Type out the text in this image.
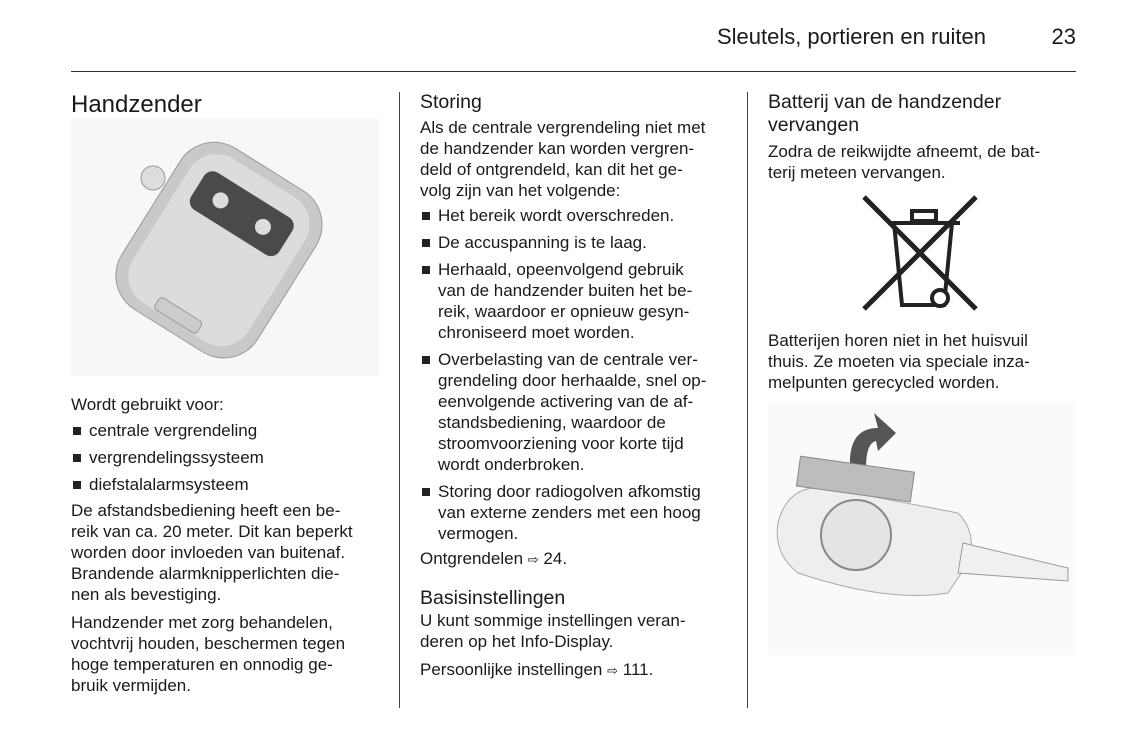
Sleutels, portieren en ruiten	23
Handzender
Wordt gebruikt voor:
centrale vergrendeling
vergrendelingssysteem
diefstalalarmsysteem
De afstandsbediening heeft een be-
reik van ca. 20 meter. Dit kan beperkt
worden door invloeden van buitenaf.
Brandende alarmknipperlichten die-
nen als bevestiging.
Handzender met zorg behandelen,
vochtvrij houden, beschermen tegen
hoge temperaturen en onnodig ge-
bruik vermijden.
Storing
Als de centrale vergrendeling niet met
de handzender kan worden vergren-
deld of ontgrendeld, kan dit het ge-
volg zijn van het volgende:
Het bereik wordt overschreden.
De accuspanning is te laag.
Herhaald, opeenvolgend gebruik
van de handzender buiten het be-
reik, waardoor er opnieuw gesyn-
chroniseerd moet worden.
Overbelasting van de centrale ver-
grendeling door herhaalde, snel op-
eenvolgende activering van de af-
standsbediening, waardoor de
stroomvoorziening voor korte tijd
wordt onderbroken.
Storing door radiogolven afkomstig
van externe zenders met een hoog
vermogen.
Ontgrendelen ⇨ 24.
Basisinstellingen
U kunt sommige instellingen veran-
deren op het Info-Display.
Persoonlijke instellingen ⇨ 111.
Batterij van de handzender
vervangen
Zodra de reikwijdte afneemt, de bat-
terij meteen vervangen.
Batterijen horen niet in het huisvuil
thuis. Ze moeten via speciale inza-
melpunten gerecycled worden.
